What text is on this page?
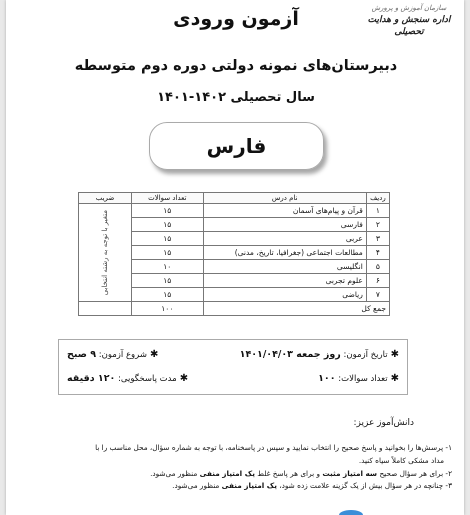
سازمان آموزش و پرورش
اداره سنجش و هدایت تحصیلی
آزمون ورودی
دبیرستان‌های نمونه دولتی دوره دوم متوسطه
سال تحصیلی ۱۴۰۲-۱۴۰۱
فارس
ردیف	نام درس	تعداد سوالات	ضریب
۱	قرآن و پیام‌های آسمان	۱۵	متغیر با توجه به رشته انتخابی

۲	فارسی	۱۵	
۳	عربی	۱۵	
۴	مطالعات اجتماعی (جغرافیا، تاریخ، مدنی)	۱۵	
۵	انگلیسی	۱۰	
۶	علوم تجربی	۱۵	
۷	ریاضی	۱۵	
جمع کل		۱۰۰	
✱تاریخ آزمون: روز جمعه ۱۴۰۱/۰۴/۰۳
✱شروع آزمون: ۹ صبح
✱تعداد سوالات: ۱۰۰
✱مدت پاسخگویی: ۱۲۰ دقیقه
دانش‌آموز عزیز:
۱- پرسش‌ها را بخوانید و پاسخ صحیح را انتخاب نمایید و سپس در پاسخنامه، با توجه به شماره سؤال، محل مناسب را با
مداد مشکی کاملاً سیاه کنید.
۲- برای هر سؤال صحیح سه امتیاز مثبت و برای هر پاسخ غلط یک امتیاز منفی منظور می‌شود.
۳- چنانچه در هر سؤال بیش از یک گزینه علامت زده شود، یک امتیاز منفی منظور می‌شود.
